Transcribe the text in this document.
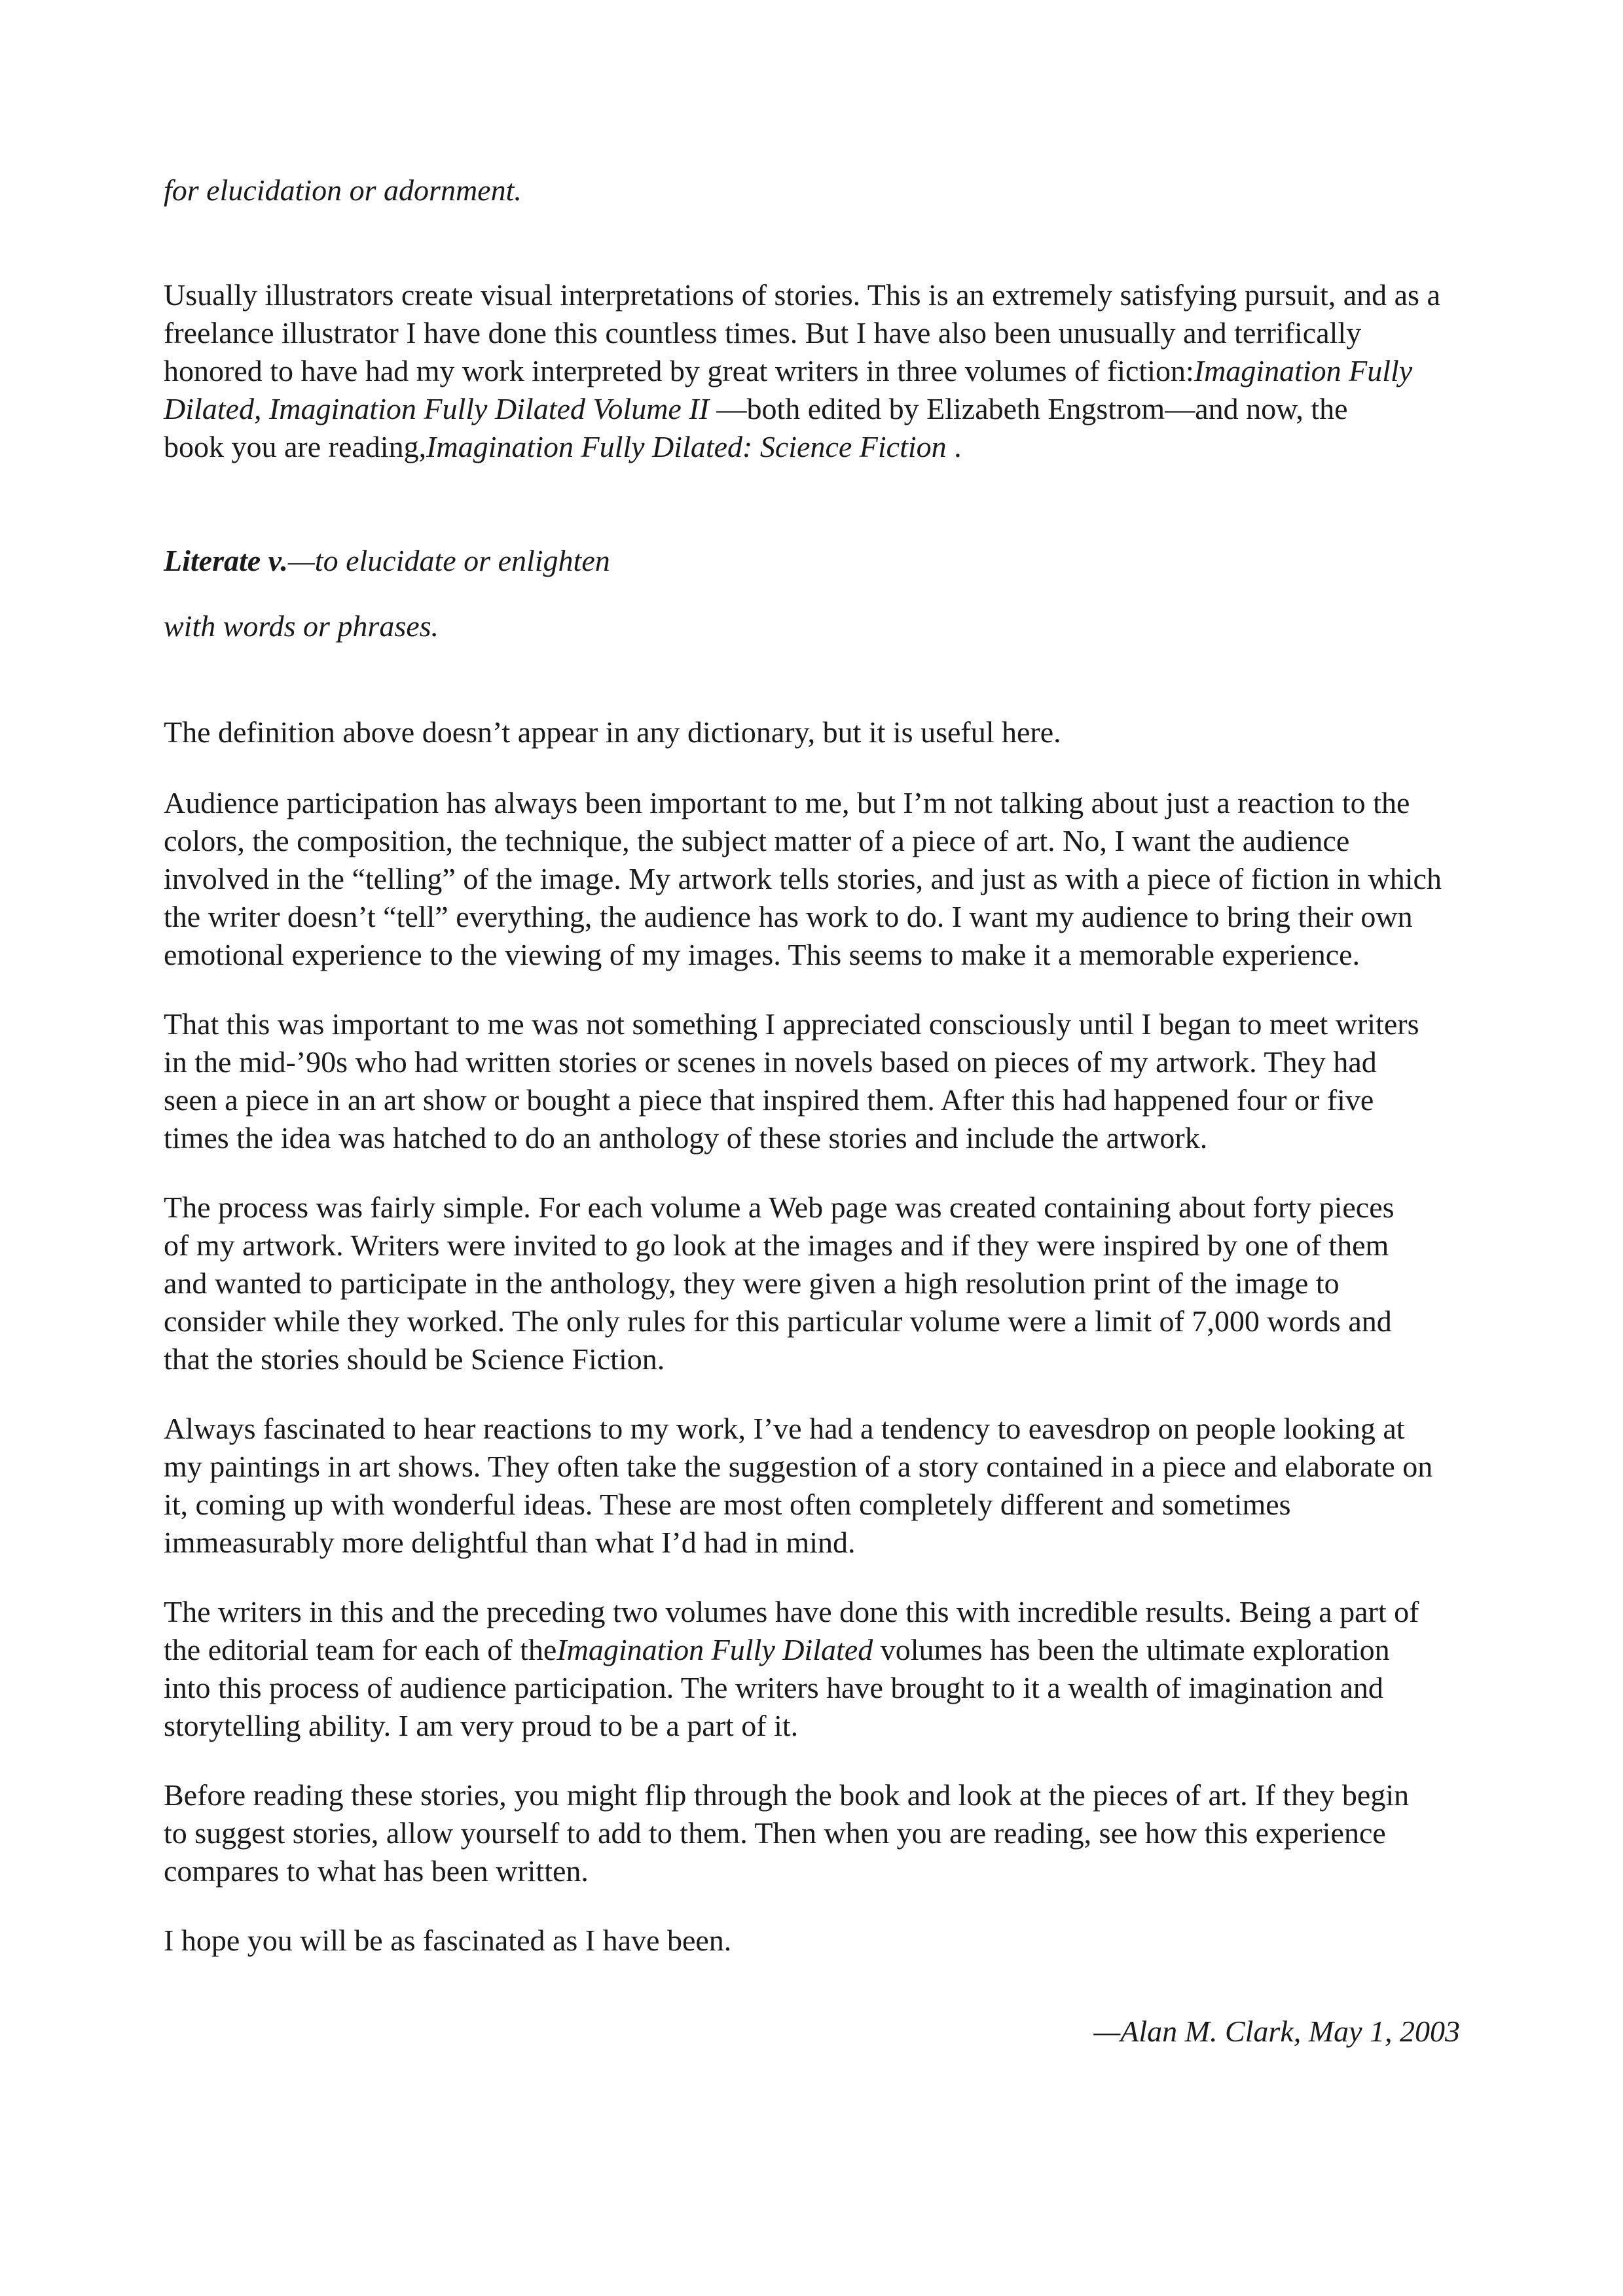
for elucidation or adornment.
Usually illustrators create visual interpretations of stories. This is an extremely satisfying pursuit, and as a
freelance illustrator I have done this countless times. But I have also been unusually and terrifically
honored to have had my work interpreted by great writers in three volumes of fiction:Imagination Fully
Dilated, Imagination Fully Dilated Volume II —both edited by Elizabeth Engstrom—and now, the
book you are reading,Imagination Fully Dilated: Science Fiction .
Literate v.—to elucidate or enlighten
with words or phrases.
The definition above doesn’t appear in any dictionary, but it is useful here.
Audience participation has always been important to me, but I’m not talking about just a reaction to the
colors, the composition, the technique, the subject matter of a piece of art. No, I want the audience
involved in the “telling” of the image. My artwork tells stories, and just as with a piece of fiction in which
the writer doesn’t “tell” everything, the audience has work to do. I want my audience to bring their own
emotional experience to the viewing of my images. This seems to make it a memorable experience.
That this was important to me was not something I appreciated consciously until I began to meet writers
in the mid-’90s who had written stories or scenes in novels based on pieces of my artwork. They had
seen a piece in an art show or bought a piece that inspired them. After this had happened four or five
times the idea was hatched to do an anthology of these stories and include the artwork.
The process was fairly simple. For each volume a Web page was created containing about forty pieces
of my artwork. Writers were invited to go look at the images and if they were inspired by one of them
and wanted to participate in the anthology, they were given a high resolution print of the image to
consider while they worked. The only rules for this particular volume were a limit of 7,000 words and
that the stories should be Science Fiction.
Always fascinated to hear reactions to my work, I’ve had a tendency to eavesdrop on people looking at
my paintings in art shows. They often take the suggestion of a story contained in a piece and elaborate on
it, coming up with wonderful ideas. These are most often completely different and sometimes
immeasurably more delightful than what I’d had in mind.
The writers in this and the preceding two volumes have done this with incredible results. Being a part of
the editorial team for each of theImagination Fully Dilated volumes has been the ultimate exploration
into this process of audience participation. The writers have brought to it a wealth of imagination and
storytelling ability. I am very proud to be a part of it.
Before reading these stories, you might flip through the book and look at the pieces of art. If they begin
to suggest stories, allow yourself to add to them. Then when you are reading, see how this experience
compares to what has been written.
I hope you will be as fascinated as I have been.
—Alan M. Clark, May 1, 2003
